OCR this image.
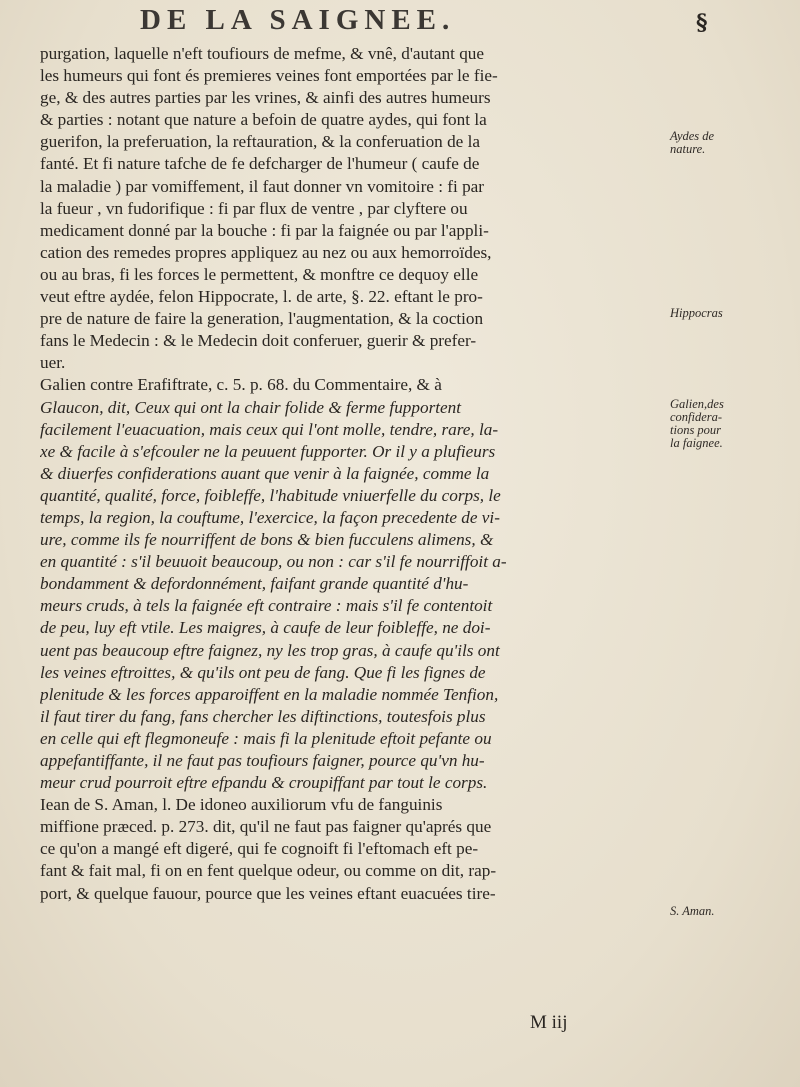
DE LA SAIGNEE.	§
purgation, laquelle n'eft toufiours de mefme, & vnê, d'autant que
les humeurs qui font és premieres veines font emportées par le fie-
ge, & des autres parties par les vrines, & ainfi des autres humeurs
& parties : notant que nature a befoin de quatre aydes, qui font la
guerifon, la preferuation, la reftauration, & la conferuation de la
fanté. Et fi nature tafche de fe defcharger de l'humeur ( caufe de
la maladie ) par vomiffement, il faut donner vn vomitoire : fi par
la fueur , vn fudorifique : fi par flux de ventre , par clyftere ou
medicament donné par la bouche : fi par la faignée ou par l'appli-
cation des remedes propres appliquez au nez ou aux hemorroïdes,
ou au bras, fi les forces le permettent, & monftre ce dequoy elle
veut eftre aydée, felon Hippocrate, l. de arte, §. 22. eftant le pro-
pre de nature de faire la generation, l'augmentation, & la coction
fans le Medecin : & le Medecin doit conferuer, guerir & prefer-
uer.
Galien contre Erafiftrate, c. 5. p. 68. du Commentaire, & à
Glaucon, dit, Ceux qui ont la chair folide & ferme fupportent
facilement l'euacuation, mais ceux qui l'ont molle, tendre, rare, la-
xe & facile à s'efcouler ne la peuuent fupporter. Or il y a plufieurs
& diuerfes confiderations auant que venir à la faignée, comme la
quantité, qualité, force, foibleffe, l'habitude vniuerfelle du corps, le
temps, la region, la couftume, l'exercice, la façon precedente de vi-
ure, comme ils fe nourriffent de bons & bien fucculens alimens, &
en quantité : s'il beuuoit beaucoup, ou non : car s'il fe nourriffoit a-
bondamment & defordonnément, faifant grande quantité d'hu-
meurs cruds, à tels la faignée eft contraire : mais s'il fe contentoit
de peu, luy eft vtile. Les maigres, à caufe de leur foibleffe, ne doi-
uent pas beaucoup eftre faignez, ny les trop gras, à caufe qu'ils ont
les veines eftroittes, & qu'ils ont peu de fang. Que fi les fignes de
plenitude & les forces apparoiffent en la maladie nommée Tenfion,
il faut tirer du fang, fans chercher les diftinctions, toutesfois plus
en celle qui eft flegmoneufe : mais fi la plenitude eftoit pefante ou
appefantiffante, il ne faut pas toufiours faigner, pource qu'vn hu-
meur crud pourroit eftre efpandu & croupiffant par tout le corps.
Iean de S. Aman, l. De idoneo auxiliorum vfu de fanguinis
miffione præced. p. 273. dit, qu'il ne faut pas faigner qu'aprés que
ce qu'on a mangé eft digeré, qui fe cognoift fi l'eftomach eft pe-
fant & fait mal, fi on en fent quelque odeur, ou comme on dit, rap-
port, & quelque fauour, pource que les veines eftant euacuées tire-
Aydes de
nature.
Hippocras
Galien,des
confidera-
tions pour
la faignee.
S. Aman.
M iij
